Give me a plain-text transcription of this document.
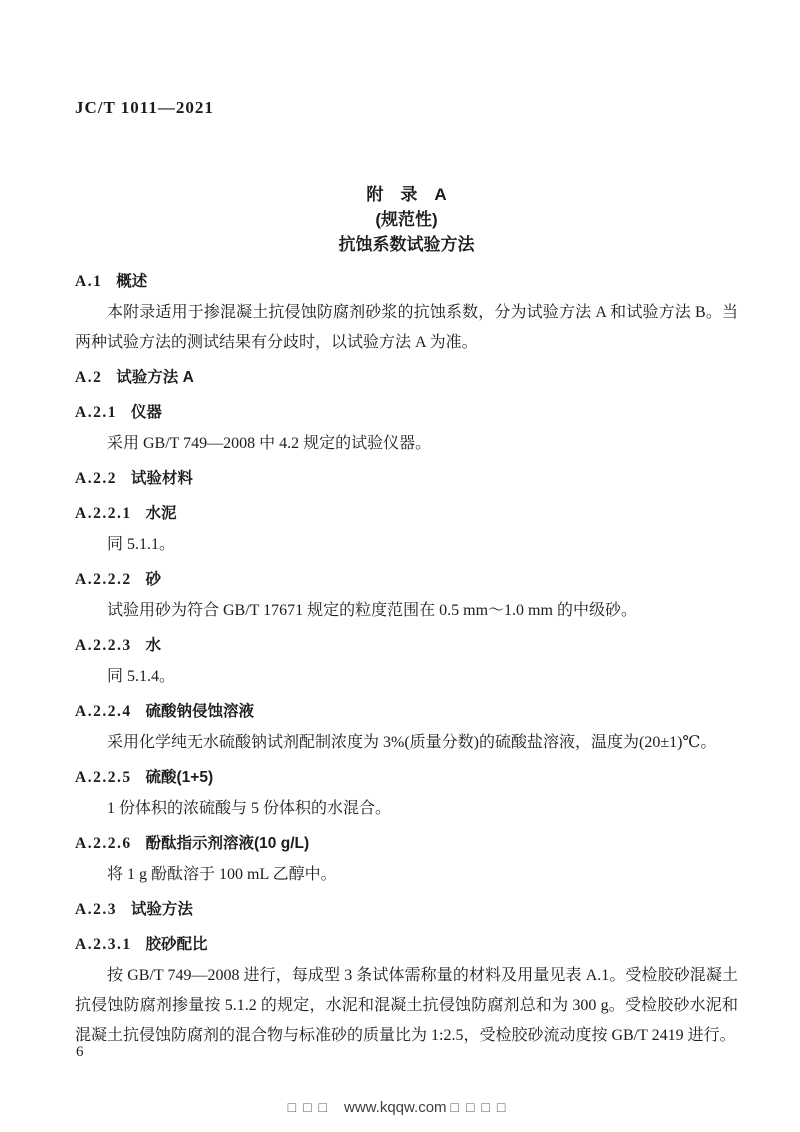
JC/T 1011—2021
附　录　A
(规范性)
抗蚀系数试验方法
A.1 概述

本附录适用于掺混凝土抗侵蚀防腐剂砂浆的抗蚀系数，分为试验方法 A 和试验方法 B。当两种试验方法的测试结果有分歧时，以试验方法 A 为准。

A.2 试验方法 A
A.2.1 仪器

采用 GB/T 749—2008 中 4.2 规定的试验仪器。

A.2.2 试验材料
A.2.2.1 水泥

同 5.1.1。

A.2.2.2 砂

试验用砂为符合 GB/T 17671 规定的粒度范围在 0.5 mm～1.0 mm 的中级砂。

A.2.2.3 水

同 5.1.4。

A.2.2.4 硫酸钠侵蚀溶液

采用化学纯无水硫酸钠试剂配制浓度为 3%(质量分数)的硫酸盐溶液，温度为(20±1)℃。

A.2.2.5 硫酸(1+5)

1 份体积的浓硫酸与 5 份体积的水混合。

A.2.2.6 酚酞指示剂溶液(10 g/L)

将 1 g 酚酞溶于 100 mL 乙醇中。

A.2.3 试验方法
A.2.3.1 胶砂配比

按 GB/T 749—2008 进行，每成型 3 条试体需称量的材料及用量见表 A.1。受检胶砂混凝土抗侵蚀防腐剂掺量按 5.1.2 的规定，水泥和混凝土抗侵蚀防腐剂总和为 300 g。受检胶砂水泥和混凝土抗侵蚀防腐剂的混合物与标准砂的质量比为 1:2.5，受检胶砂流动度按 GB/T 2419 进行。

6
□□□ www.kqqw.com □□□□
